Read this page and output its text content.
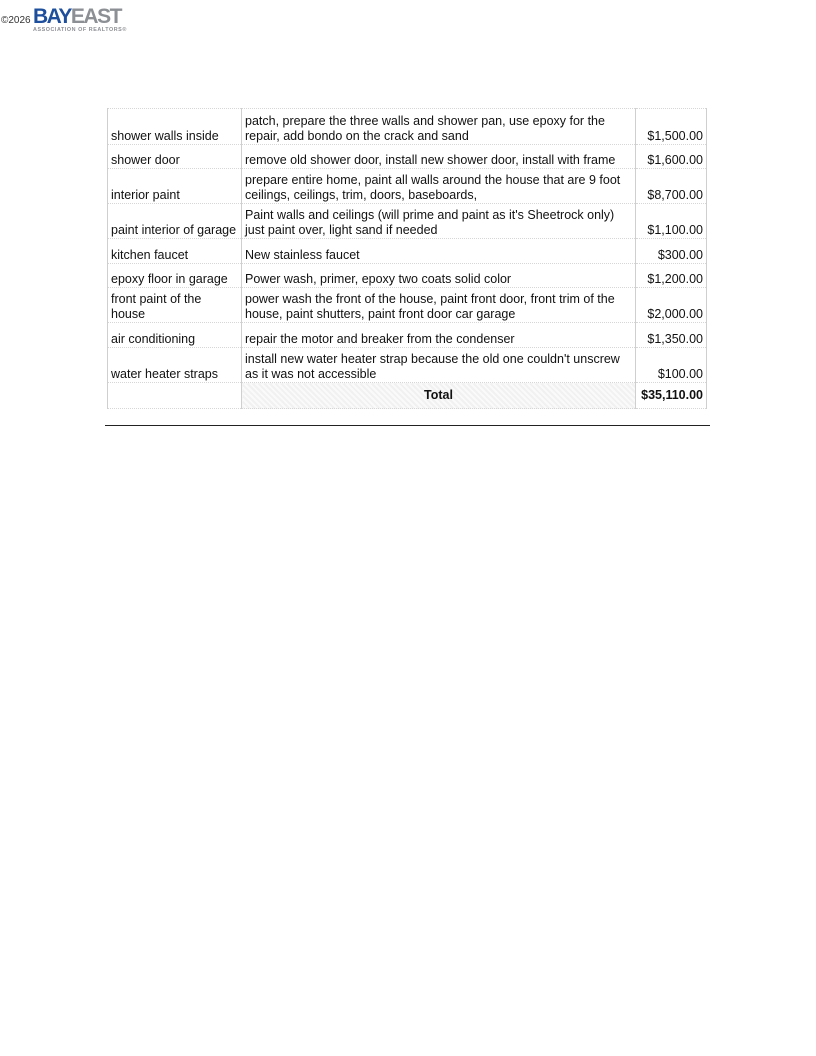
©2026 BAYEAST
ASSOCIATION OF REALTORS®
shower walls inside	patch, prepare the three walls and shower pan, use epoxy for the repair, add bondo on the crack and sand	$1,500.00
shower door	remove old shower door, install new shower door, install with frame	$1,600.00
interior paint	prepare entire home, paint all walls around the house that are 9 foot ceilings, ceilings, trim, doors, baseboards,	$8,700.00
paint interior of garage	Paint walls and ceilings (will prime and paint as it's Sheetrock only) just paint over, light sand if needed	$1,100.00
kitchen faucet	New stainless faucet	$300.00
epoxy floor in garage	Power wash, primer, epoxy two coats solid color	$1,200.00
front paint of the house	power wash the front of the house, paint front door, front trim of the house, paint shutters, paint front door car garage	$2,000.00
air conditioning	repair the motor and breaker from the condenser	$1,350.00
water heater straps	install new water heater strap because the old one couldn't unscrew as it was not accessible	$100.00
	Total	$35,110.00
